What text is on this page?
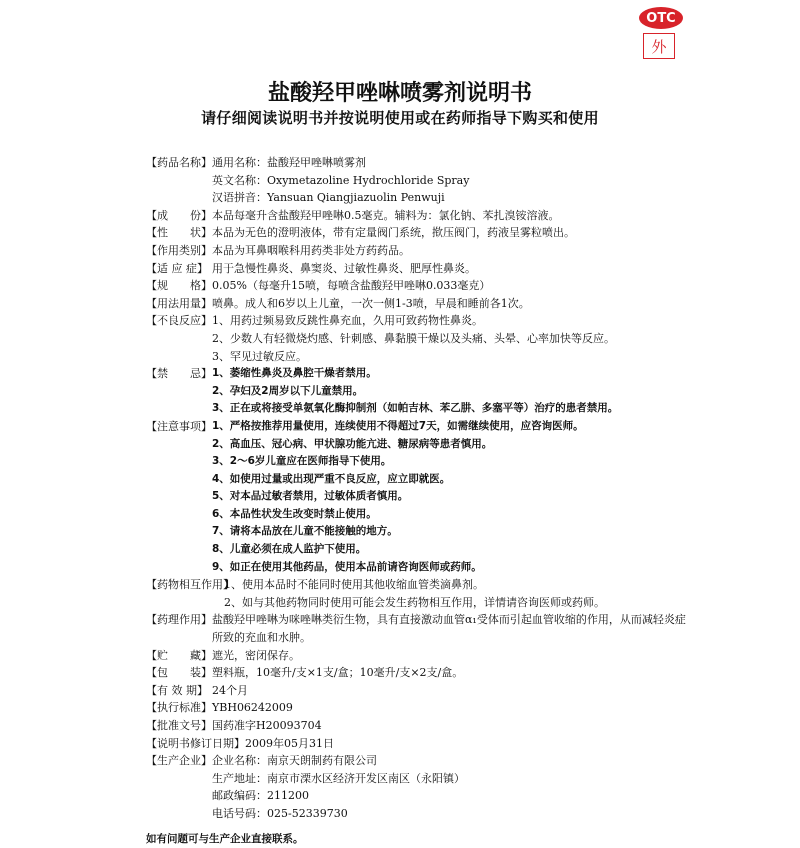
OTC
外
盐酸羟甲唑啉喷雾剂说明书
请仔细阅读说明书并按说明使用或在药师指导下购买和使用
【药品名称】 通用名称：盐酸羟甲唑啉喷雾剂
英文名称：Oxymetazoline Hydrochloride Spray
汉语拼音：Yansuan Qiangjiazuolin Penwuji
【成　　份】 本品每毫升含盐酸羟甲唑啉0.5毫克。辅料为：氯化钠、苯扎溴铵溶液。
【性　　状】 本品为无色的澄明液体，带有定量阀门系统，揿压阀门，药液呈雾粒喷出。
【作用类别】 本品为耳鼻咽喉科用药类非处方药药品。
【适 应 症】 用于急慢性鼻炎、鼻窦炎、过敏性鼻炎、肥厚性鼻炎。
【规　　格】 0.05%（每毫升15喷，每喷含盐酸羟甲唑啉0.033毫克）
【用法用量】 喷鼻。成人和6岁以上儿童，一次一侧1-3喷，早晨和睡前各1次。
【不良反应】 1、用药过频易致反跳性鼻充血，久用可致药物性鼻炎。
2、少数人有轻微烧灼感、针刺感、鼻黏膜干燥以及头痛、头晕、心率加快等反应。
3、罕见过敏反应。
【禁　　忌】 1、萎缩性鼻炎及鼻腔干燥者禁用。
2、孕妇及2周岁以下儿童禁用。
3、正在或将接受单氨氧化酶抑制剂（如帕吉林、苯乙肼、多塞平等）治疗的患者禁用。
【注意事项】 1、严格按推荐用量使用，连续使用不得超过7天，如需继续使用，应咨询医师。
2、高血压、冠心病、甲状腺功能亢进、糖尿病等患者慎用。
3、2～6岁儿童应在医师指导下使用。
4、如使用过量或出现严重不良反应，应立即就医。
5、对本品过敏者禁用，过敏体质者慎用。
6、本品性状发生改变时禁止使用。
7、请将本品放在儿童不能接触的地方。
8、儿童必须在成人监护下使用。
9、如正在使用其他药品，使用本品前请咨询医师或药师。
【药物相互作用】
1、使用本品时不能同时使用其他收缩血管类滴鼻剂。
2、如与其他药物同时使用可能会发生药物相互作用，详情请咨询医师或药师。
【药理作用】 盐酸羟甲唑啉为咪唑啉类衍生物，具有直接激动血管α₁受体而引起血管收缩的作用，从而减轻炎症
所致的充血和水肿。
【贮　　藏】 遮光，密闭保存。
【包　　装】 塑料瓶，10毫升/支×1支/盒；10毫升/支×2支/盒。
【有 效 期】 24个月
【执行标准】 YBH06242009
【批准文号】 国药准字H20093704
【说明书修订日期】 2009年05月31日
【生产企业】 企业名称：南京天朗制药有限公司
生产地址：南京市溧水区经济开发区南区（永阳镇）
邮政编码：211200
电话号码：025-52339730
如有问题可与生产企业直接联系。
